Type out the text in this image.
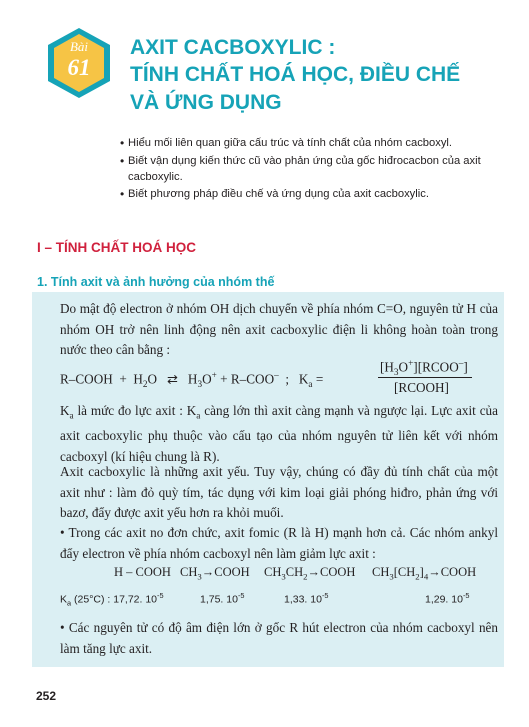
Bài
61
AXIT CACBOXYLIC :
TÍNH CHẤT HOÁ HỌC, ĐIỀU CHẾ
VÀ ỨNG DỤNG
• Hiểu mối liên quan giữa cấu trúc và tính chất của nhóm cacboxyl.
• Biết vận dụng kiến thức cũ vào phản ứng của gốc hiđrocacbon của axit cacboxylic.
• Biết phương pháp điều chế và ứng dụng của axit cacboxylic.
I – TÍNH CHẤT HOÁ HỌC
1. Tính axit và ảnh hưởng của nhóm thế
Do mật độ electron ở nhóm OH dịch chuyển về phía nhóm C=O, nguyên tử H của nhóm OH trở nên linh động nên axit cacboxylic điện li không hoàn toàn trong nước theo cân bằng :
R–COOH + $H_2O$ ⇄ $H_3O^+ + R-COO^-$ ; $K_a$ =
$[H_3O^+][RCOO^-]$
[RCOOH]
$K_a$ là mức đo lực axit : $K_a$ càng lớn thì axit càng mạnh và ngược lại. Lực axit của axit cacboxylic phụ thuộc vào cấu tạo của nhóm nguyên tử liên kết với nhóm cacboxyl (kí hiệu chung là R).
Axit cacboxylic là những axit yếu. Tuy vậy, chúng có đầy đủ tính chất của một axit như : làm đỏ quỳ tím, tác dụng với kim loại giải phóng hiđro, phản ứng với bazơ, đẩy được axit yếu hơn ra khỏi muối.
• Trong các axit no đơn chức, axit fomic (R là H) mạnh hơn cả. Các nhóm ankyl đẩy electron về phía nhóm cacboxyl nên làm giảm lực axit :
H – COOH $CH_3\to COOH$ $CH_3CH_2\to COOH$ $CH_3[CH_2]_4\to COOH$
$K_a$ (25°C) : 17,72. $10^{-5}$	1,75. $10^{-5}$	1,33. $10^{-5}$	1,29. $10^{-5}$
• Các nguyên tử có độ âm điện lớn ở gốc R hút electron của nhóm cacboxyl nên làm tăng lực axit.
252
